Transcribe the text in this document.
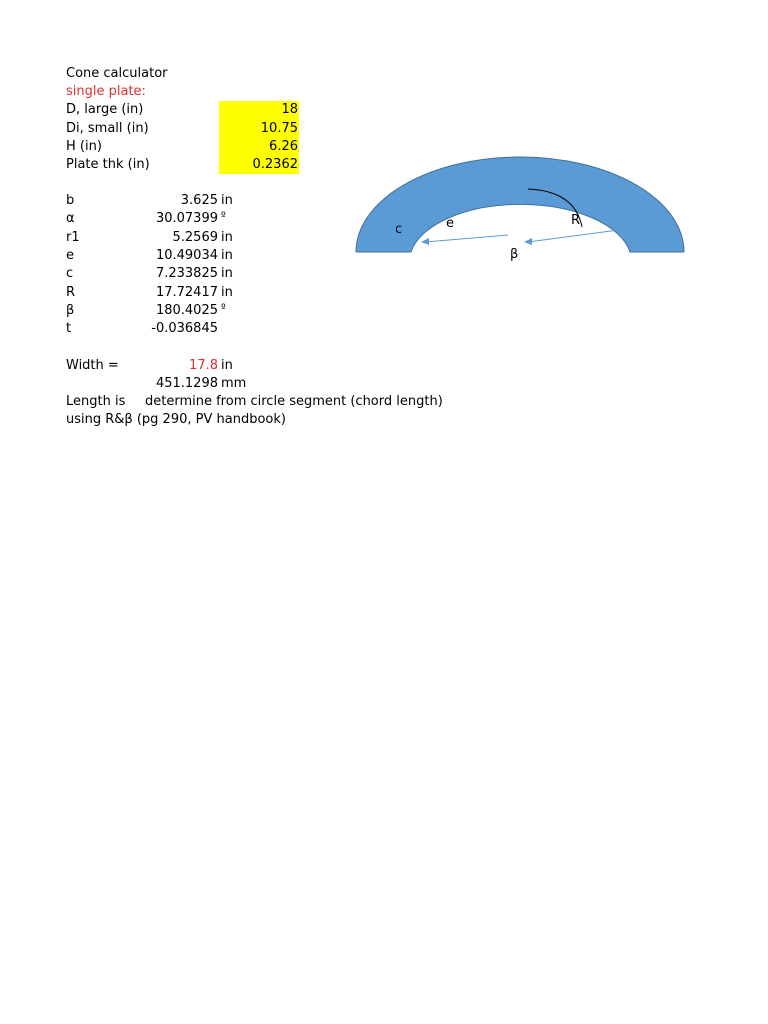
Cone calculator
single plate:
D, large (in)	18
Di, small (in)	10.75
H (in)	6.26
Plate thk (in)	0.2362
b	3.625 in
α	30.07399 º
r1	5.2569 in
e	10.49034 in
c	7.233825 in
R	17.72417 in
β	180.4025 º
t	-0.036845
Width =	17.8 in
451.1298 mm
Length is determine from circle segment (chord length)
using R&β (pg 290, PV handbook)
c	e	R
β
